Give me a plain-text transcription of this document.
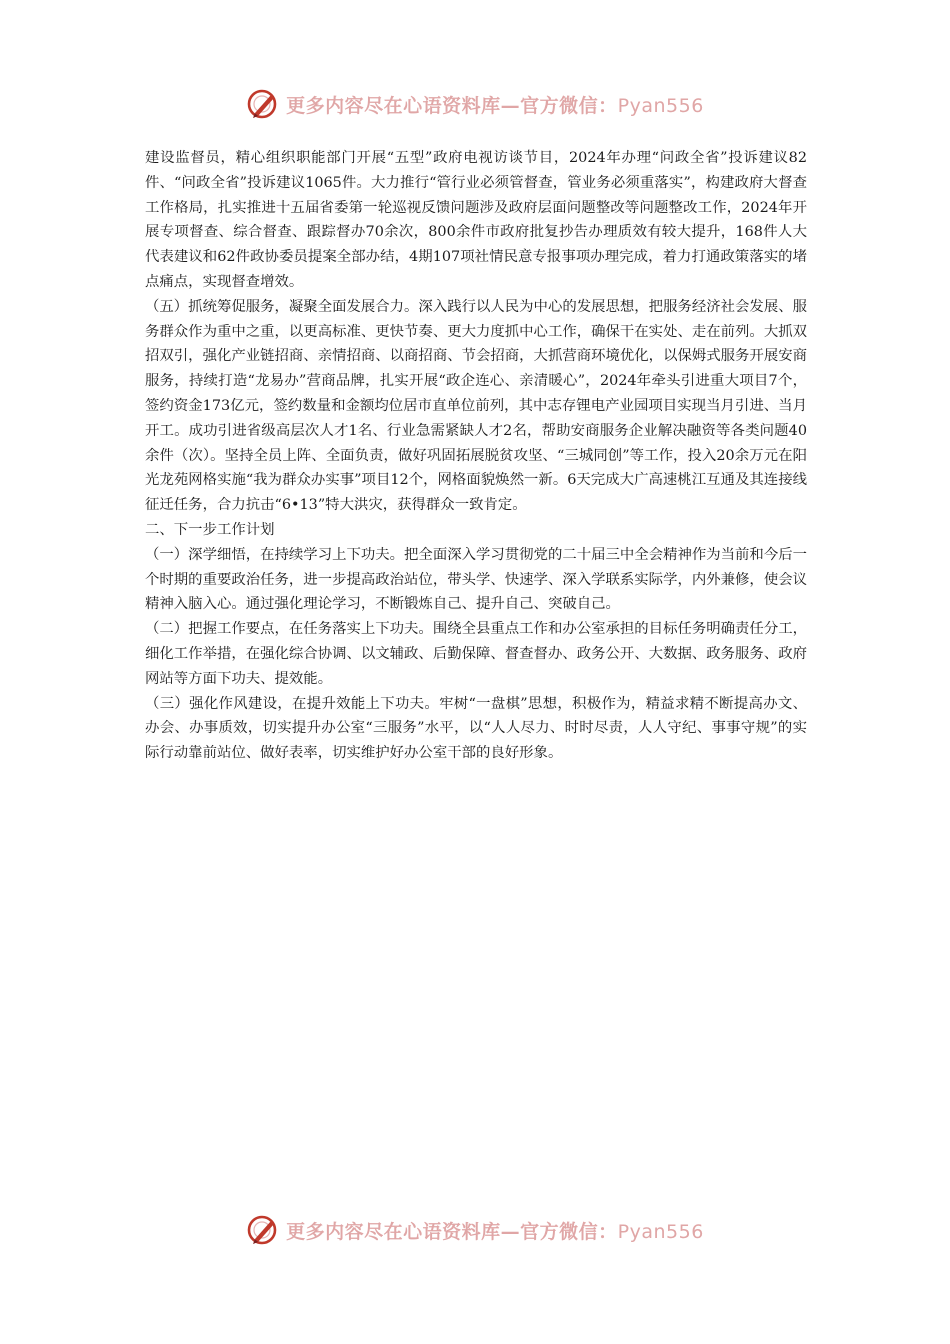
更多内容尽在心语资料库—官方微信：Pyan556

建设监督员，精心组织职能部门开展“五型”政府电视访谈节目，2024年办理“问政全省”投诉建议82件、“问政全省”投诉建议1065件。大力推行“管行业必须管督查，管业务必须重落实”，构建政府大督查工作格局，扎实推进十五届省委第一轮巡视反馈问题涉及政府层面问题整改等问题整改工作，2024年开展专项督查、综合督查、跟踪督办70余次，800余件市政府批复抄告办理质效有较大提升，168件人大代表建议和62件政协委员提案全部办结，4期107项社情民意专报事项办理完成，着力打通政策落实的堵点痛点，实现督查增效。

（五）抓统筹促服务，凝聚全面发展合力。深入践行以人民为中心的发展思想，把服务经济社会发展、服务群众作为重中之重，以更高标准、更快节奏、更大力度抓中心工作，确保干在实处、走在前列。大抓双招双引，强化产业链招商、亲情招商、以商招商、节会招商，大抓营商环境优化，以保姆式服务开展安商服务，持续打造“龙易办”营商品牌，扎实开展“政企连心、亲清暖心”，2024年牵头引进重大项目7个，签约资金173亿元，签约数量和金额均位居市直单位前列，其中志存锂电产业园项目实现当月引进、当月开工。成功引进省级高层次人才1名、行业急需紧缺人才2名，帮助安商服务企业解决融资等各类问题40余件（次）。坚持全员上阵、全面负责，做好巩固拓展脱贫攻坚、“三城同创”等工作，投入20余万元在阳光龙苑网格实施“我为群众办实事”项目12个，网格面貌焕然一新。6天完成大广高速桃江互通及其连接线征迁任务，合力抗击“6•13”特大洪灾，获得群众一致肯定。

二、下一步工作计划

（一）深学细悟，在持续学习上下功夫。把全面深入学习贯彻党的二十届三中全会精神作为当前和今后一个时期的重要政治任务，进一步提高政治站位，带头学、快速学、深入学联系实际学，内外兼修，使会议精神入脑入心。通过强化理论学习，不断锻炼自己、提升自己、突破自己。

（二）把握工作要点，在任务落实上下功夫。围绕全县重点工作和办公室承担的目标任务明确责任分工，细化工作举措，在强化综合协调、以文辅政、后勤保障、督查督办、政务公开、大数据、政务服务、政府网站等方面下功夫、提效能。

（三）强化作风建设，在提升效能上下功夫。牢树“一盘棋”思想，积极作为，精益求精不断提高办文、办会、办事质效，切实提升办公室“三服务”水平，以“人人尽力、时时尽责，人人守纪、事事守规”的实际行动靠前站位、做好表率，切实维护好办公室干部的良好形象。

更多内容尽在心语资料库—官方微信：Pyan556
